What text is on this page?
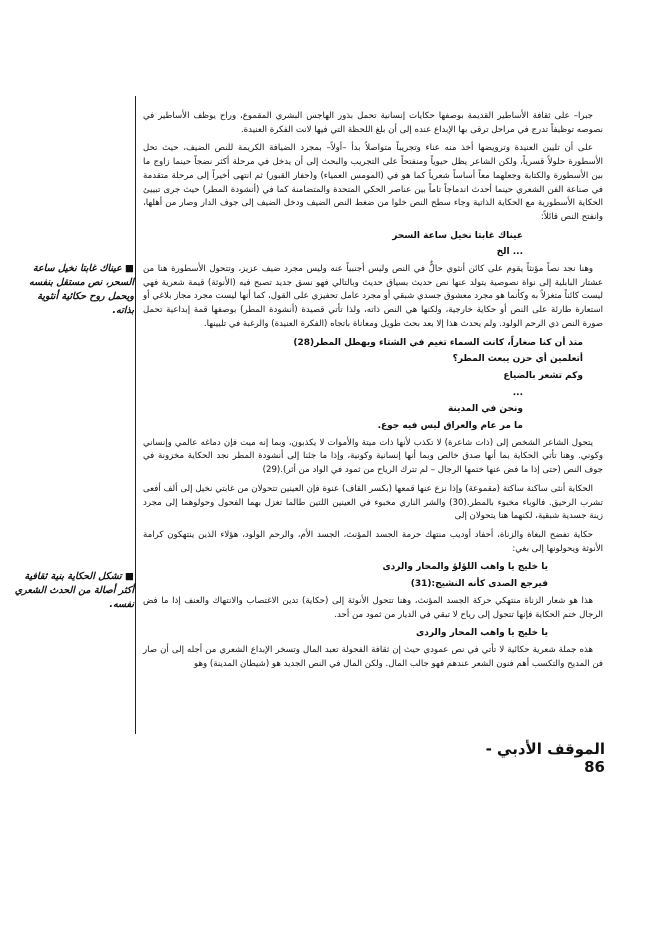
جبرا– على ثقافة الأساطير القديمة بوصفها حكايات إنسانية تحمل بذور الهاجس البشري المقموع، وراح يوظف الأساطير في نصوصه توظيفاً تدرج في مراحل ترقى بها الإبداع عنده إلى أن بلغ اللحظة التي فيها لانت الفكرة العنيدة.

على أن تليين العنيدة وترويضها أخذ منه عناء وتجريباً متواصلاً بدأ –أولاً– بمجرد الضيافة الكريمة للنص الضيف، حيث تحل الأسطورة حلولاً قسرياً، ولكن الشاعر يظل حيوياً ومنفتحاً على التجريب والبحث إلى أن يدخل في مرحلة أكثر نضجاً حينما زاوج ما بين الأسطورة والكتابة وجعلهما معاً أساساً شعرياً كما هو في (المومس العمياء) و(حفار القبور) ثم انتهى أخيراً إلى مرحلة متقدمة في صناعة الفن الشعري حينما أحدث اندماجاً تاماً بين عناصر الحكي المتحدة والمتضامنة كما في (أنشودة المطر) حيث جرى تبييئ الحكاية الأسطورية مع الحكاية الذاتية وجاء سطح النص خلوا من ضغط النص الضيف ودخل الضيف إلى جوف الدار وصار من أهلها، وانفتح النص قائلاً:

عيناك غابتا نخيل ساعة السحر
... الخ

وهنا نجد نصاً مؤنثاً يقوم على كائن أنثوي حالٌّ في النص وليس أجنبياً عنه وليس مجرد ضيف عزيز، وتتحول الأسطورة هنا من عشتار البابلية إلى نواة نصوصية يتولد عنها نص حديث بسياق حديث وبالتالي فهو نسق جديد تصبح فيه (الأنوثة) قيمة شعرية فهي ليست كائناً متغزلاً به وكأنما هو مجرد معشوق جسدي شبقي أو مجرد عامل تحفيزي على القول، كما أنها ليست مجرد مجاز بلاغي أو استعارة طارئة على النص أو حكاية خارجية، ولكنها هي النص ذاته، ولذا تأتي قصيدة (أنشودة المطر) بوصفها قمة إبداعية تحمل صورة النص ذي الرحم الولود. ولم يحدث هذا إلا بعد بحث طويل ومعاناة باتجاه (الفكرة العنيدة) والرغبة في تليينها.

منذ أن كنا صغاراً، كانت السماء تغيم في الشتاء ويهطل المطر(28)
أتعلمين أي حزن يبعث المطر؟
وكم تشعر بالضياع
...
ونحن في المدينة
ما مر عام والعراق ليس فيه جوع.

يتحول الشاعر الشخص إلى (ذات شاعرة) لا تكذب لأنها ذات ميتة والأموات لا يكذبون، وبما إنه ميت فإن دماغه عالمي وإنساني وكوني. وهنا تأتي الحكاية بما أنها صدق خالص وبما أنها إنسانية وكونية، وإذا ما جئنا إلى أنشودة المطر نجد الحكاية مخزونة في جوف النص (حتى إذا ما فض عنها ختمها الرجال – لم تترك الرياح من ثمود في الواد من أثر).(29)

الحكاية أنثى ساكنة ساكتة (مقموعة) وإذا نزع عنها قمعها (بكسر القاف) عنوة فإن العينين تتحولان من غابتي نخيل إلى ألف أفعى تشرب الرحيق. فالوباء مخبوء بالمطر.(30) والشر الناري مخبوء في العينين اللتين طالما تغزل بهما الفحول وحولوهما إلى مجرد زينة جسدية شبقية، لكنهما هنا يتحولان إلى

حكاية تفضح البغاة والزناة، أحفاد أوديب منتهك حرمة الجسد المؤنث، الجسد الأم، والرحم الولود، هؤلاء الذين ينتهكون كرامة الأنوثة ويحولونها إلى بغي:

يا خليج يا واهب اللؤلؤ والمحار والردى
فيرجع الصدى كأنه النشيج:(31)

هذا هو شعار الزناة منتهكي حركة الجسد المؤنث، وهنا تتحول الأنوثة إلى (حكاية) تدين الاغتصاب والانتهاك والعنف إذا ما فض الرجال ختم الحكاية فإنها تتحول إلى رياح لا تبقي في الديار من ثمود من أحد.

يا خليج يا واهب المحار والردى

هذه جملة شعرية حكائية لا تأتي في نص عمودي حيث إن ثقافة الفحولة تعبد المال وتسخر الإبداع الشعري من أجله إلى أن صار فن المديح والتكسب أهم فنون الشعر عندهم فهو جالب المال. ولكن المال في النص الجديد هو (شيطان المدينة) وهو

■ عيناك غابتا نخيل ساعة السحر، نص مستقل بنفسه ويحمل روح حكائية أنثوية بذاته.
■ تشكل الحكاية بنية ثقافية أكثر أصالة من الحدث الشعري نفسه.
الموقف الأدبي - 86
